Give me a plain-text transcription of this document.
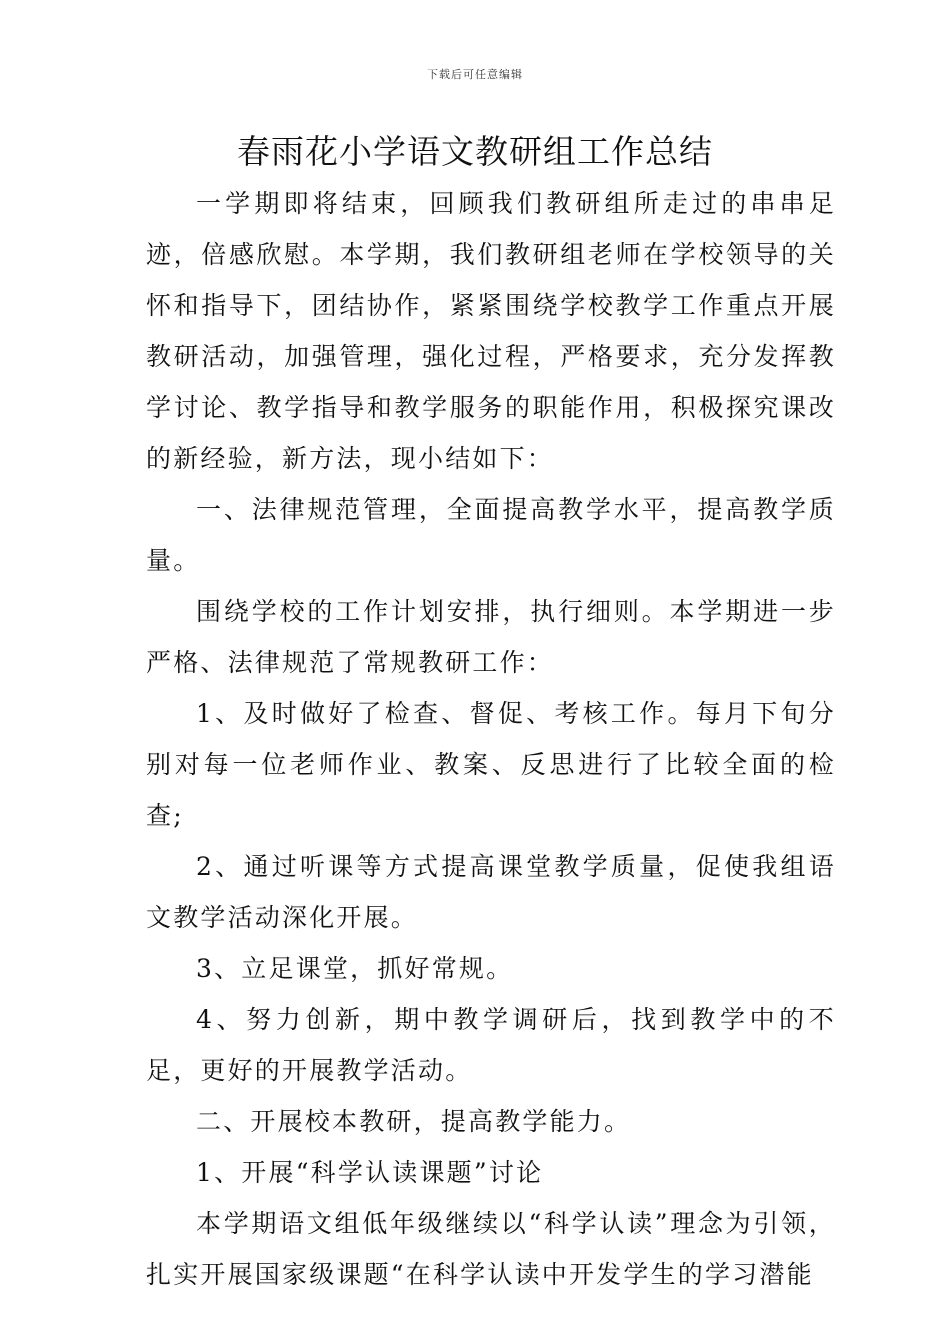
下载后可任意编辑
春雨花小学语文教研组工作总结

一学期即将结束，回顾我们教研组所走过的串串足迹，倍感欣慰。本学期，我们教研组老师在学校领导的关怀和指导下，团结协作，紧紧围绕学校教学工作重点开展教研活动，加强管理，强化过程，严格要求，充分发挥教学讨论、教学指导和教学服务的职能作用，积极探究课改的新经验，新方法，现小结如下：

一、法律规范管理，全面提高教学水平，提高教学质量。

围绕学校的工作计划安排，执行细则。本学期进一步严格、法律规范了常规教研工作：

1、及时做好了检查、督促、考核工作。每月下旬分别对每一位老师作业、教案、反思进行了比较全面的检查;

2、通过听课等方式提高课堂教学质量，促使我组语文教学活动深化开展。

3、立足课堂，抓好常规。

4、努力创新，期中教学调研后，找到教学中的不足，更好的开展教学活动。

二、开展校本教研，提高教学能力。

1、开展“科学认读课题”讨论

本学期语文组低年级继续以“科学认读”理念为引领，扎实开展国家级课题“在科学认读中开发学生的学习潜能
